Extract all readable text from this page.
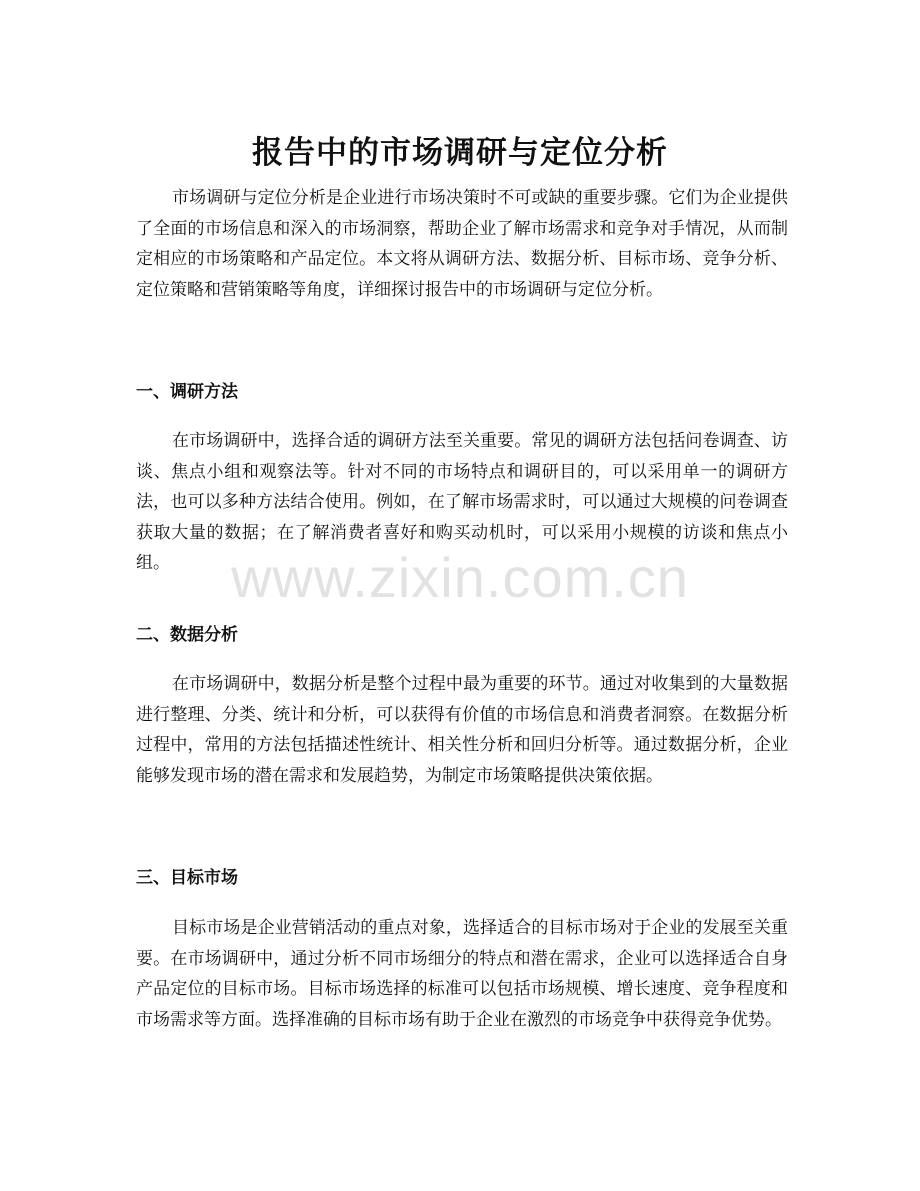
报告中的市场调研与定位分析

市场调研与定位分析是企业进行市场决策时不可或缺的重要步骤。它们为企业提供了全面的市场信息和深入的市场洞察，帮助企业了解市场需求和竞争对手情况，从而制定相应的市场策略和产品定位。本文将从调研方法、数据分析、目标市场、竞争分析、定位策略和营销策略等角度，详细探讨报告中的市场调研与定位分析。

一、调研方法

在市场调研中，选择合适的调研方法至关重要。常见的调研方法包括问卷调查、访谈、焦点小组和观察法等。针对不同的市场特点和调研目的，可以采用单一的调研方法，也可以多种方法结合使用。例如，在了解市场需求时，可以通过大规模的问卷调查获取大量的数据；在了解消费者喜好和购买动机时，可以采用小规模的访谈和焦点小组。

二、数据分析

在市场调研中，数据分析是整个过程中最为重要的环节。通过对收集到的大量数据进行整理、分类、统计和分析，可以获得有价值的市场信息和消费者洞察。在数据分析过程中，常用的方法包括描述性统计、相关性分析和回归分析等。通过数据分析，企业能够发现市场的潜在需求和发展趋势，为制定市场策略提供决策依据。

三、目标市场

目标市场是企业营销活动的重点对象，选择适合的目标市场对于企业的发展至关重要。在市场调研中，通过分析不同市场细分的特点和潜在需求，企业可以选择适合自身产品定位的目标市场。目标市场选择的标准可以包括市场规模、增长速度、竞争程度和市场需求等方面。选择准确的目标市场有助于企业在激烈的市场竞争中获得竞争优势。

www.zixin.com.cn
